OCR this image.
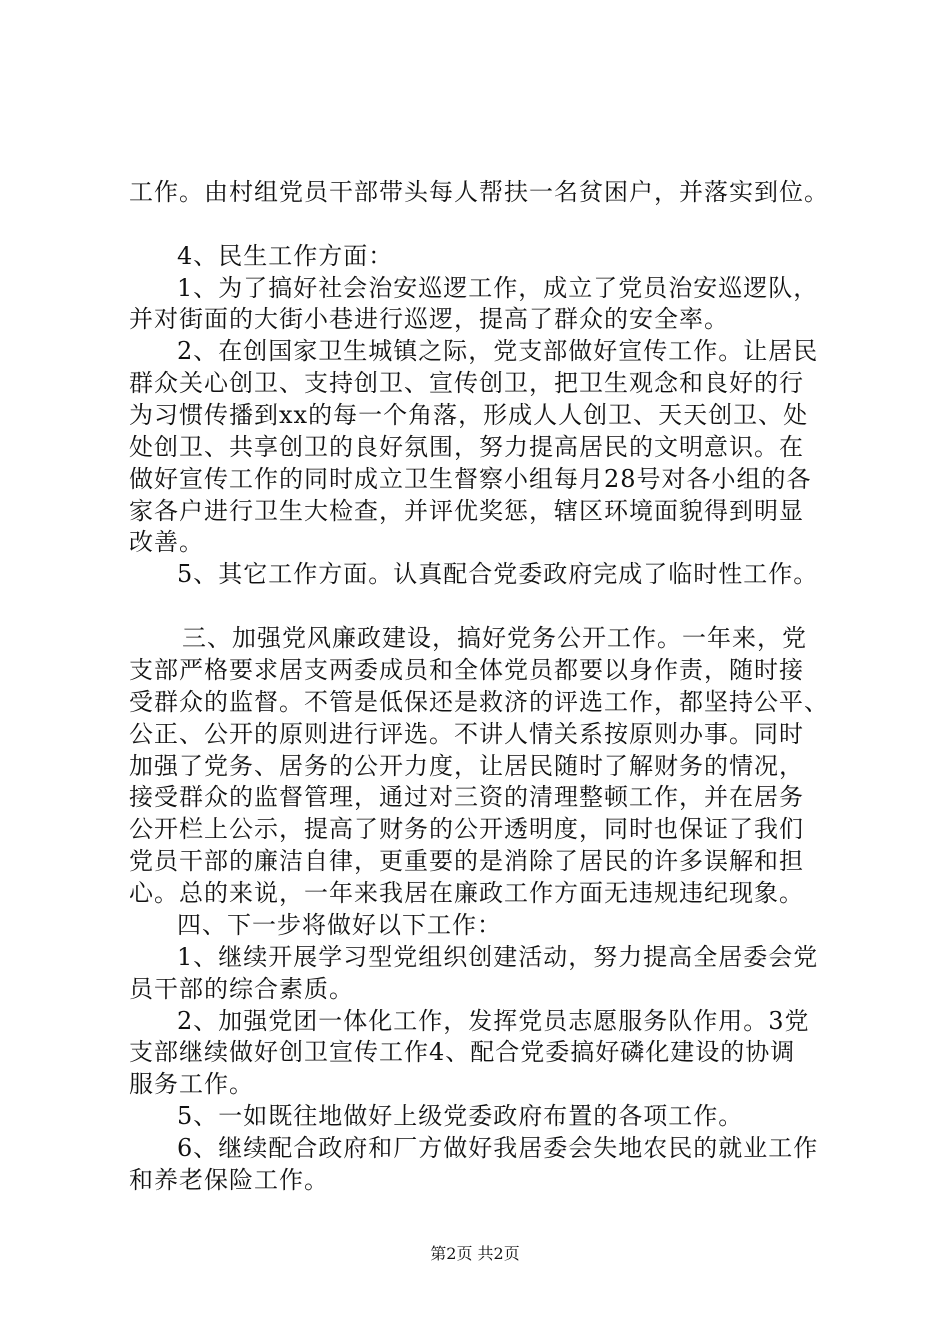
工作。由村组党员干部带头每人帮扶一名贫困户，并落实到位。
4、民生工作方面：
1、为了搞好社会治安巡逻工作，成立了党员治安巡逻队，
并对街面的大街小巷进行巡逻，提高了群众的安全率。
2、在创国家卫生城镇之际，党支部做好宣传工作。让居民
群众关心创卫、支持创卫、宣传创卫，把卫生观念和良好的行
为习惯传播到xx的每一个角落，形成人人创卫、天天创卫、处
处创卫、共享创卫的良好氛围，努力提高居民的文明意识。在
做好宣传工作的同时成立卫生督察小组每月28号对各小组的各
家各户进行卫生大检查，并评优奖惩，辖区环境面貌得到明显
改善。
5、其它工作方面。认真配合党委政府完成了临时性工作。
三、加强党风廉政建设，搞好党务公开工作。一年来，党
支部严格要求居支两委成员和全体党员都要以身作责，随时接
受群众的监督。不管是低保还是救济的评选工作，都坚持公平、
公正、公开的原则进行评选。不讲人情关系按原则办事。同时
加强了党务、居务的公开力度，让居民随时了解财务的情况，
接受群众的监督管理，通过对三资的清理整顿工作，并在居务
公开栏上公示，提高了财务的公开透明度，同时也保证了我们
党员干部的廉洁自律，更重要的是消除了居民的许多误解和担
心。总的来说，一年来我居在廉政工作方面无违规违纪现象。
四、下一步将做好以下工作：
1、继续开展学习型党组织创建活动，努力提高全居委会党
员干部的综合素质。
2、加强党团一体化工作，发挥党员志愿服务队作用。3党
支部继续做好创卫宣传工作4、配合党委搞好磷化建设的协调
服务工作。
5、一如既往地做好上级党委政府布置的各项工作。
6、继续配合政府和厂方做好我居委会失地农民的就业工作
和养老保险工作。
第2页 共2页
